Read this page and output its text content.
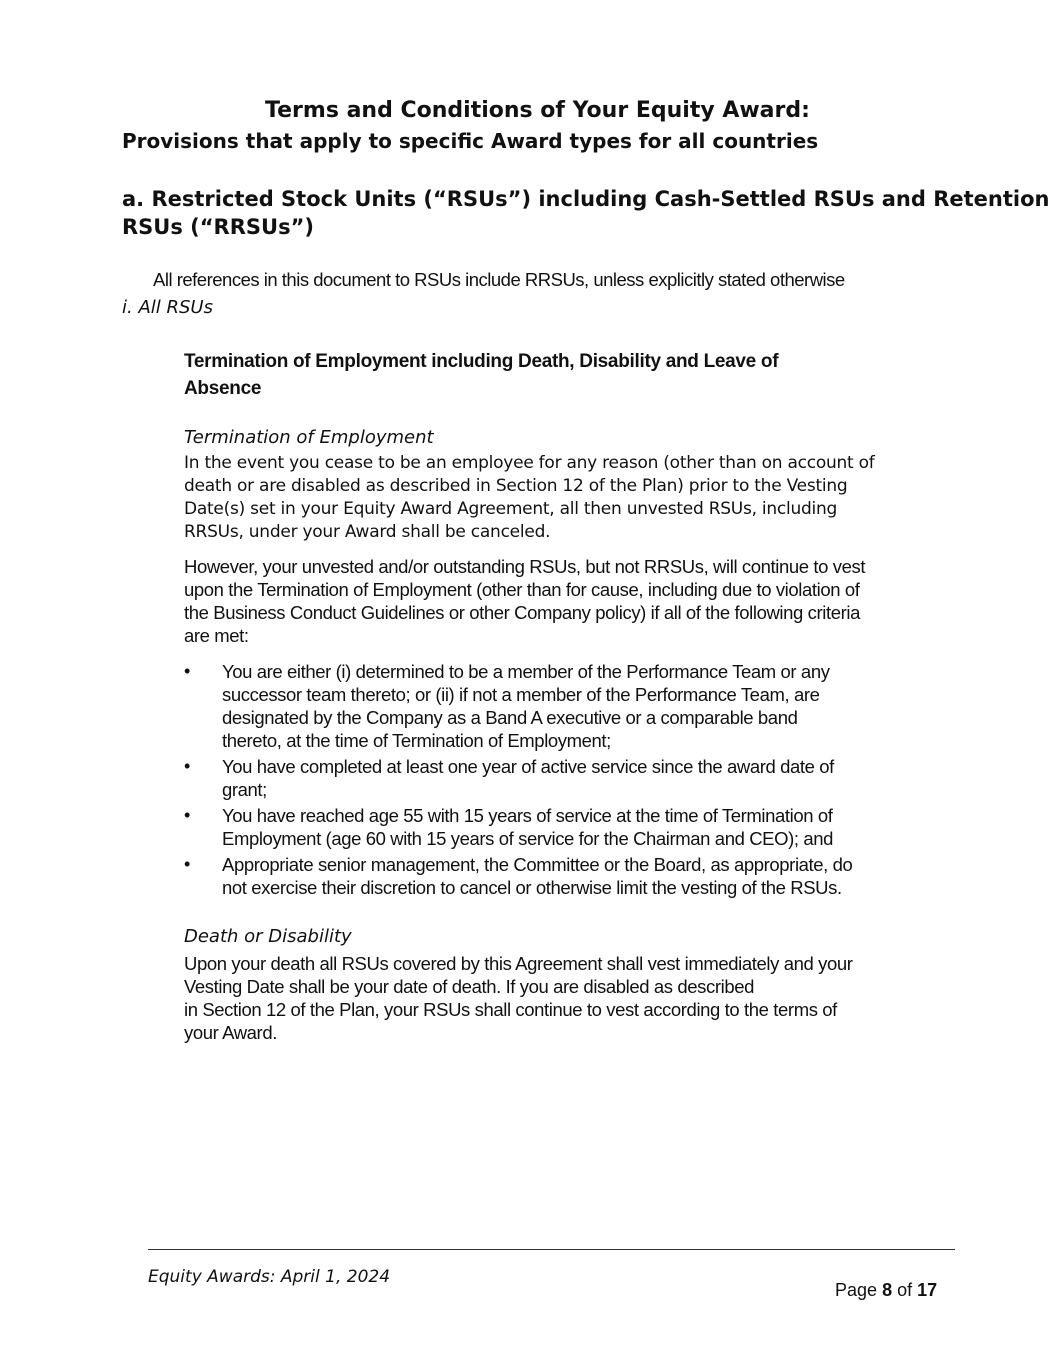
Terms and Conditions of Your Equity Award:
Provisions that apply to specific Award types for all countries
a. Restricted Stock Units (“RSUs”) including Cash-Settled RSUs and Retention
RSUs (“RRSUs”)
All references in this document to RSUs include RRSUs, unless explicitly stated otherwise
i. All RSUs
Termination of Employment including Death, Disability and Leave of
Absence
Termination of Employment
In the event you cease to be an employee for any reason (other than on account of
death or are disabled as described in Section 12 of the Plan) prior to the Vesting
Date(s) set in your Equity Award Agreement, all then unvested RSUs, including
RRSUs, under your Award shall be canceled.
However, your unvested and/or outstanding RSUs, but not RRSUs, will continue to vest
upon the Termination of Employment (other than for cause, including due to violation of
the Business Conduct Guidelines or other Company policy) if all of the following criteria
are met:
• You are either (i) determined to be a member of the Performance Team or any
successor team thereto; or (ii) if not a member of the Performance Team, are
designated by the Company as a Band A executive or a comparable band
thereto, at the time of Termination of Employment;
• You have completed at least one year of active service since the award date of
grant;
• You have reached age 55 with 15 years of service at the time of Termination of
Employment (age 60 with 15 years of service for the Chairman and CEO); and
• Appropriate senior management, the Committee or the Board, as appropriate, do
not exercise their discretion to cancel or otherwise limit the vesting of the RSUs.
Death or Disability
Upon your death all RSUs covered by this Agreement shall vest immediately and your
Vesting Date shall be your date of death. If you are disabled as described
in Section 12 of the Plan, your RSUs shall continue to vest according to the terms of
your Award.
Equity Awards: April 1, 2024
Page 8 of 17
